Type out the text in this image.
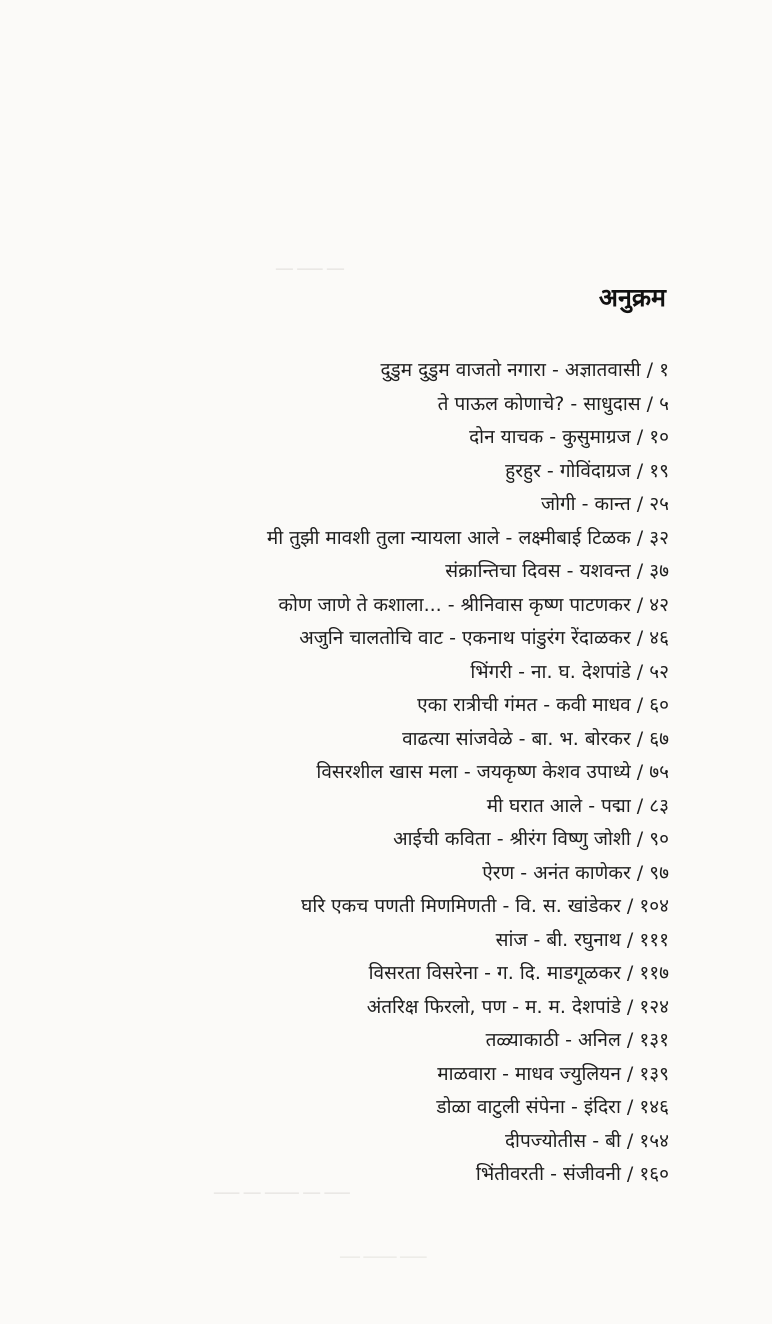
अनुक्रम
दुडुम दुडुम वाजतो नगारा - अज्ञातवासी / १
ते पाऊल कोणाचे? - साधुदास / ५
दोन याचक - कुसुमाग्रज / १०
हुरहुर - गोविंदाग्रज / १९
जोगी - कान्त / २५
मी तुझी मावशी तुला न्यायला आले - लक्ष्मीबाई टिळक / ३२
संक्रान्तिचा दिवस - यशवन्त / ३७
कोण जाणे ते कशाला... - श्रीनिवास कृष्ण पाटणकर / ४२
अजुनि चालतोचि वाट - एकनाथ पांडुरंग रेंदाळकर / ४६
भिंगरी - ना. घ. देशपांडे / ५२
एका रात्रीची गंमत - कवी माधव / ६०
वाढत्या सांजवेळे - बा. भ. बोरकर / ६७
विसरशील खास मला - जयकृष्ण केशव उपाध्ये / ७५
मी घरात आले - पद्मा / ८३
आईची कविता - श्रीरंग विष्णु जोशी / ९०
ऐरण - अनंत काणेकर / ९७
घरि एकच पणती मिणमिणती - वि. स. खांडेकर / १०४
सांज - बी. रघुनाथ / १११
विसरता विसरेना - ग. दि. माडगूळकर / ११७
अंतरिक्ष फिरलो, पण - म. म. देशपांडे / १२४
तळ्याकाठी - अनिल / १३१
माळवारा - माधव ज्युलियन / १३९
डोळा वाटुली संपेना - इंदिरा / १४६
दीपज्योतीस - बी / १५४
भिंतीवरती - संजीवनी / १६०
── ─── ──
─── ── ──── ── ───
─── ───── ────
